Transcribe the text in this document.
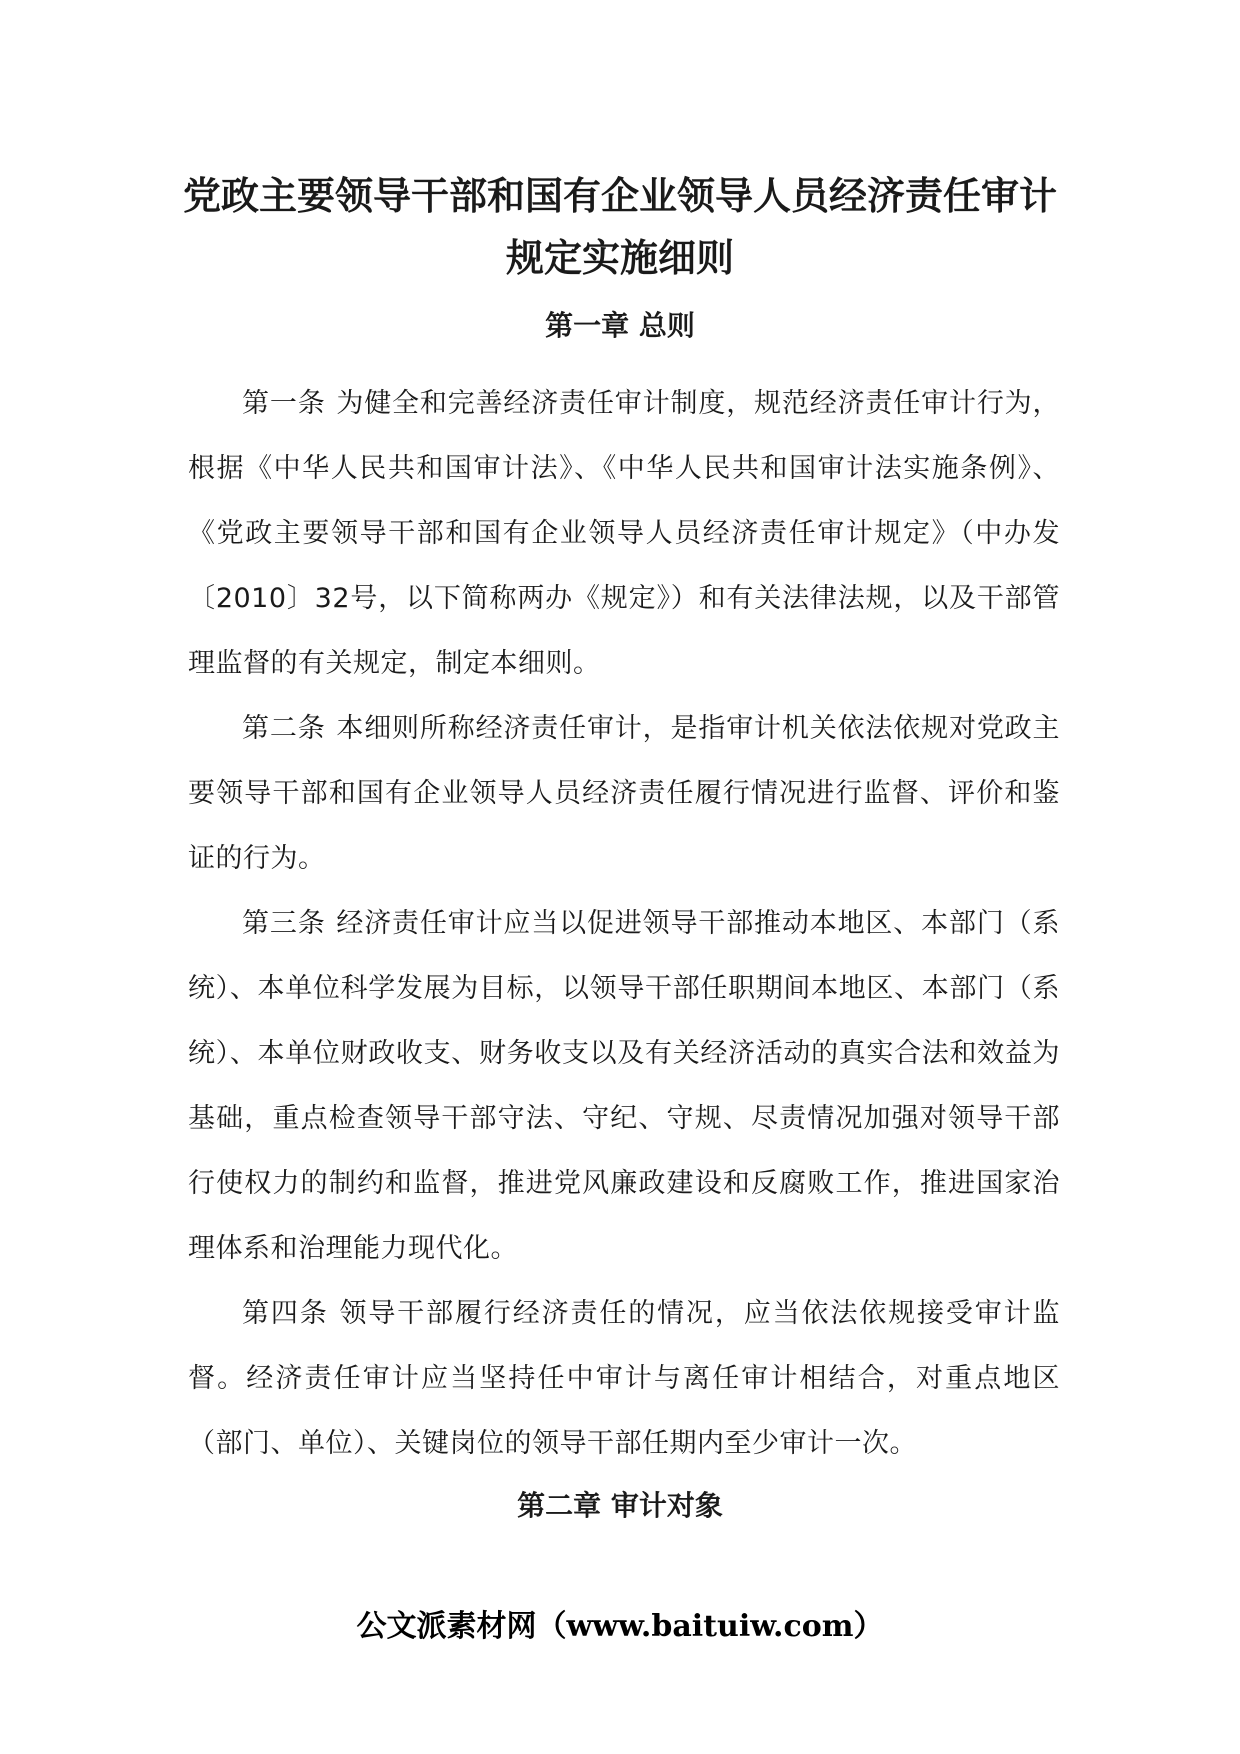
党政主要领导干部和国有企业领导人员经济责任审计
规定实施细则
第一章 总则

第一条 为健全和完善经济责任审计制度，规范经济责任审计行为，根据《中华人民共和国审计法》、《中华人民共和国审计法实施条例》、《党政主要领导干部和国有企业领导人员经济责任审计规定》（中办发〔2010〕32号，以下简称两办《规定》）和有关法律法规，以及干部管理监督的有关规定，制定本细则。

第二条 本细则所称经济责任审计，是指审计机关依法依规对党政主要领导干部和国有企业领导人员经济责任履行情况进行监督、评价和鉴证的行为。

第三条 经济责任审计应当以促进领导干部推动本地区、本部门（系统）、本单位科学发展为目标，以领导干部任职期间本地区、本部门（系统）、本单位财政收支、财务收支以及有关经济活动的真实合法和效益为基础，重点检查领导干部守法、守纪、守规、尽责情况加强对领导干部行使权力的制约和监督，推进党风廉政建设和反腐败工作，推进国家治理体系和治理能力现代化。

第四条 领导干部履行经济责任的情况，应当依法依规接受审计监督。经济责任审计应当坚持任中审计与离任审计相结合，对重点地区（部门、单位）、关键岗位的领导干部任期内至少审计一次。

第二章 审计对象

公文派素材网（www.baituiw.com）
